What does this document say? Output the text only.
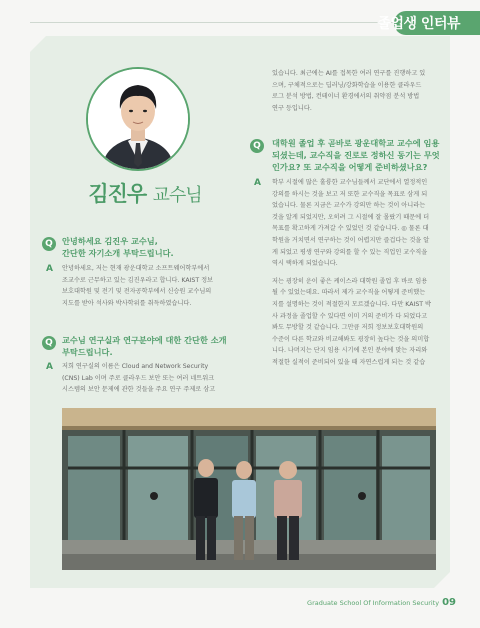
졸업생 인터뷰
김진우 교수님
Q	안녕하세요 김진우 교수님,
간단한 자기소개 부탁드립니다.
A 안녕하세요, 저는 현재 광운대학교 소프트웨어학부에서
조교수로 근무하고 있는 김진우라고 합니다. KAIST 정보
보호대학원 및 전기 및 전자공학부에서 신승원 교수님의
지도를 받아 석사와 박사학위를 취득하였습니다.
Q	교수님 연구실과 연구분야에 대한 간단한 소개
부탁드립니다.
A 저희 연구실의 이름은 Cloud and Network Security
(CNS) Lab 이며 주로 클라우드 보안 또는 여러 네트워크
시스템의 보안 문제에 관한 것들을 주요 연구 주제로 삼고
있습니다. 최근에는 AI를 접목한 여러 연구를 진행하고 있
으며, 구체적으로는 딥러닝/강화학습을 이용한 클라우드
로그 분석 방법, 컨테이너 환경에서의 취약점 분석 방법
연구 등입니다.
Q	대학원 졸업 후 곧바로 광운대학교 교수에 임용
되셨는데, 교수직을 진로로 정하신 동기는 무엇
인가요? 또 교수직을 어떻게 준비하셨나요?
A 학부 시절에 많은 훌륭한 교수님들께서 교단에서 열정적인
강의를 하시는 것을 보고 저 또한 교수직을 목표로 삼게 되
었습니다. 물론 지금은 교수가 강의만 하는 것이 아니라는
것을 알게 되었지만, 오히려 그 시절에 잘 몰랐기 때문에 더
목표를 확고하게 가져갈 수 있었던 것 같습니다. ◎ 물론 대
학원을 거치면서 연구하는 것이 어렵지만 즐겁다는 것을 알
게 되었고 평생 연구와 강의를 할 수 있는 직업인 교수직을
역시 택하게 되었습니다.
저는 굉장히 운이 좋은 케이스라 대학원 졸업 후 바로 임용
될 수 있었는데요. 따라서 제가 교수직을 어떻게 준비했는
지를 설명하는 것이 적절한지 모르겠습니다. 다만 KAIST 박
사 과정을 졸업할 수 있다면 이미 거의 준비가 다 되었다고
봐도 무방할 것 같습니다. 그만큼 저희 정보보호대학원의
수준이 다른 학교와 비교해봐도 굉장히 높다는 것을 의미합
니다. 나머지는 단지 임용 시기에 본인 분야에 맞는 자리와
적절한 실적이 준비되어 있을 때 자연스럽게 되는 것 같습
Graduate School Of Information Security 09
